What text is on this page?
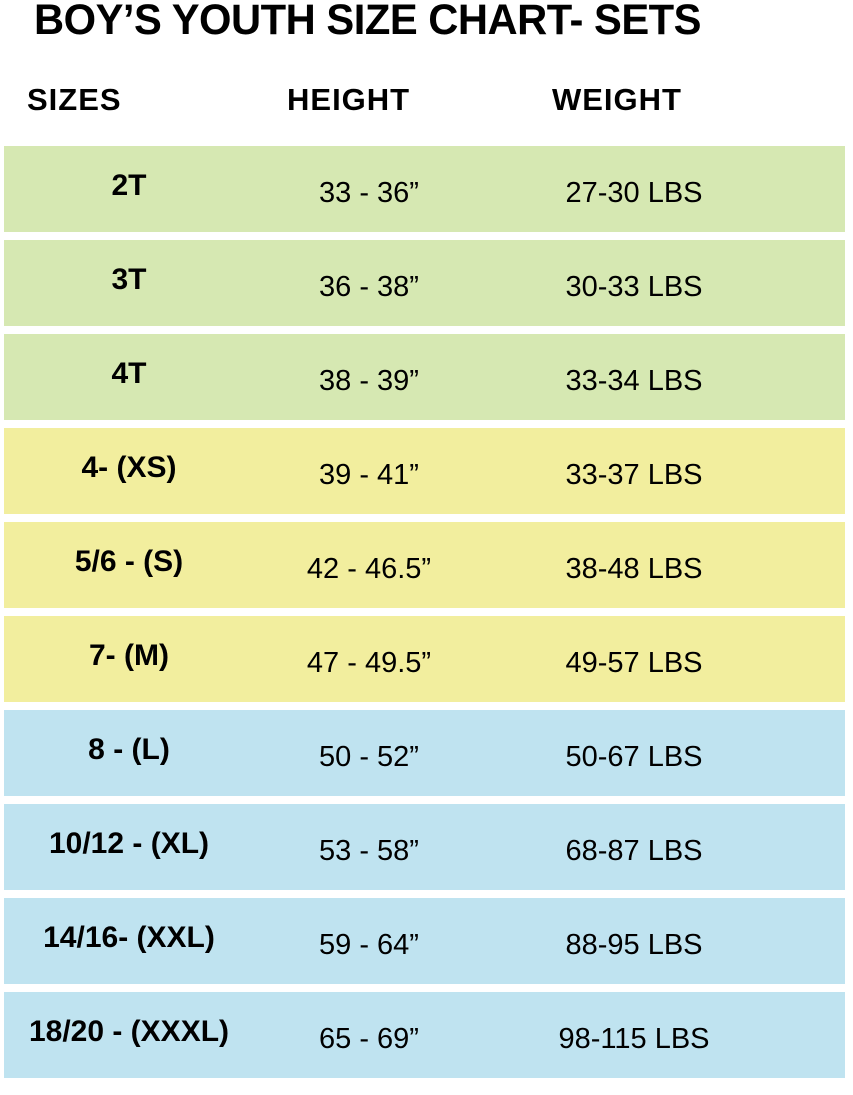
BOY’S YOUTH SIZE CHART- SETS
SIZES	HEIGHT	WEIGHT
2T	33 - 36”	27-30 LBS
3T	36 - 38”	30-33 LBS
4T	38 - 39”	33-34 LBS
4- (XS)	39 - 41”	33-37 LBS
5/6 - (S)	42 - 46.5”	38-48 LBS
7- (M)	47 - 49.5”	49-57 LBS
8 - (L)	50 - 52”	50-67 LBS
10/12 - (XL)	53 - 58”	68-87 LBS
14/16- (XXL)	59 - 64”	88-95 LBS
18/20 - (XXXL)	65 - 69”	98-115 LBS
